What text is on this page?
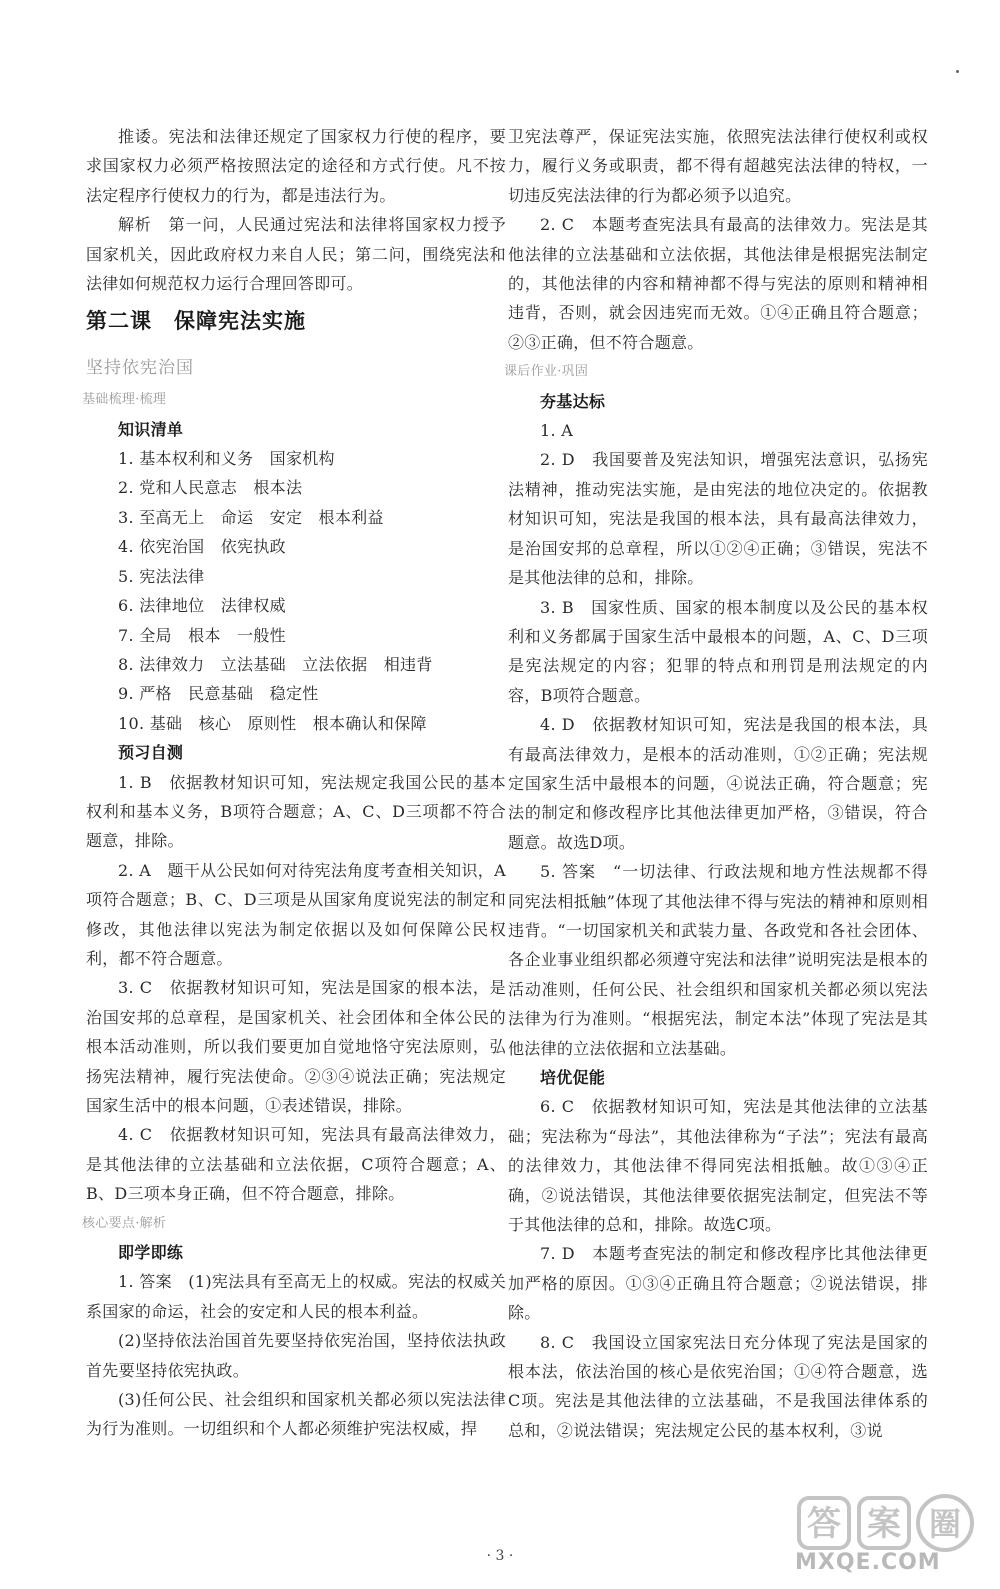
推诿。宪法和法律还规定了国家权力行使的程序，要求国家权力必须严格按照法定的途径和方式行使。凡不按法定程序行使权力的行为，都是违法行为。

解析　第一问，人民通过宪法和法律将国家权力授予国家机关，因此政府权力来自人民；第二问，围绕宪法和法律如何规范权力运行合理回答即可。

第二课　保障宪法实施

坚持依宪治国

基础梳理·梳理

知识清单

1. 基本权利和义务　国家机构

2. 党和人民意志　根本法

3. 至高无上　命运　安定　根本利益

4. 依宪治国　依宪执政

5. 宪法法律

6. 法律地位　法律权威

7. 全局　根本　一般性

8. 法律效力　立法基础　立法依据　相违背

9. 严格　民意基础　稳定性

10. 基础　核心　原则性　根本确认和保障

预习自测

1. B　依据教材知识可知，宪法规定我国公民的基本权利和基本义务，B项符合题意；A、C、D三项都不符合题意，排除。

2. A　题干从公民如何对待宪法角度考查相关知识，A项符合题意；B、C、D三项是从国家角度说宪法的制定和修改，其他法律以宪法为制定依据以及如何保障公民权利，都不符合题意。

3. C　依据教材知识可知，宪法是国家的根本法，是治国安邦的总章程，是国家机关、社会团体和全体公民的根本活动准则，所以我们要更加自觉地恪守宪法原则，弘扬宪法精神，履行宪法使命。②③④说法正确；宪法规定国家生活中的根本问题，①表述错误，排除。

4. C　依据教材知识可知，宪法具有最高法律效力，是其他法律的立法基础和立法依据，C项符合题意；A、B、D三项本身正确，但不符合题意，排除。

核心要点·解析

即学即练

1. 答案　(1)宪法具有至高无上的权威。宪法的权威关系国家的命运，社会的安定和人民的根本利益。

(2)坚持依法治国首先要坚持依宪治国，坚持依法执政首先要坚持依宪执政。

(3)任何公民、社会组织和国家机关都必须以宪法法律为行为准则。一切组织和个人都必须维护宪法权威，捍

卫宪法尊严，保证宪法实施，依照宪法法律行使权利或权力，履行义务或职责，都不得有超越宪法法律的特权，一切违反宪法法律的行为都必须予以追究。

2. C　本题考查宪法具有最高的法律效力。宪法是其他法律的立法基础和立法依据，其他法律是根据宪法制定的，其他法律的内容和精神都不得与宪法的原则和精神相违背，否则，就会因违宪而无效。①④正确且符合题意；②③正确，但不符合题意。

课后作业·巩固

夯基达标

1. A

2. D　我国要普及宪法知识，增强宪法意识，弘扬宪法精神，推动宪法实施，是由宪法的地位决定的。依据教材知识可知，宪法是我国的根本法，具有最高法律效力，是治国安邦的总章程，所以①②④正确；③错误，宪法不是其他法律的总和，排除。

3. B　国家性质、国家的根本制度以及公民的基本权利和义务都属于国家生活中最根本的问题，A、C、D三项是宪法规定的内容；犯罪的特点和刑罚是刑法规定的内容，B项符合题意。

4. D　依据教材知识可知，宪法是我国的根本法，具有最高法律效力，是根本的活动准则，①②正确；宪法规定国家生活中最根本的问题，④说法正确，符合题意；宪法的制定和修改程序比其他法律更加严格，③错误，符合题意。故选D项。

5. 答案　“一切法律、行政法规和地方性法规都不得同宪法相抵触”体现了其他法律不得与宪法的精神和原则相违背。“一切国家机关和武装力量、各政党和各社会团体、各企业事业组织都必须遵守宪法和法律”说明宪法是根本的活动准则，任何公民、社会组织和国家机关都必须以宪法法律为行为准则。“根据宪法，制定本法”体现了宪法是其他法律的立法依据和立法基础。

培优促能

6. C　依据教材知识可知，宪法是其他法律的立法基础；宪法称为“母法”，其他法律称为“子法”；宪法有最高的法律效力，其他法律不得同宪法相抵触。故①③④正确，②说法错误，其他法律要依据宪法制定，但宪法不等于其他法律的总和，排除。故选C项。

7. D　本题考查宪法的制定和修改程序比其他法律更加严格的原因。①③④正确且符合题意；②说法错误，排除。

8. C　我国设立国家宪法日充分体现了宪法是国家的根本法，依法治国的核心是依宪治国；①④符合题意，选C项。宪法是其他法律的立法基础，不是我国法律体系的总和，②说法错误；宪法规定公民的基本权利，③说

· 3 ·
答 案 圈
MXQE.COM
